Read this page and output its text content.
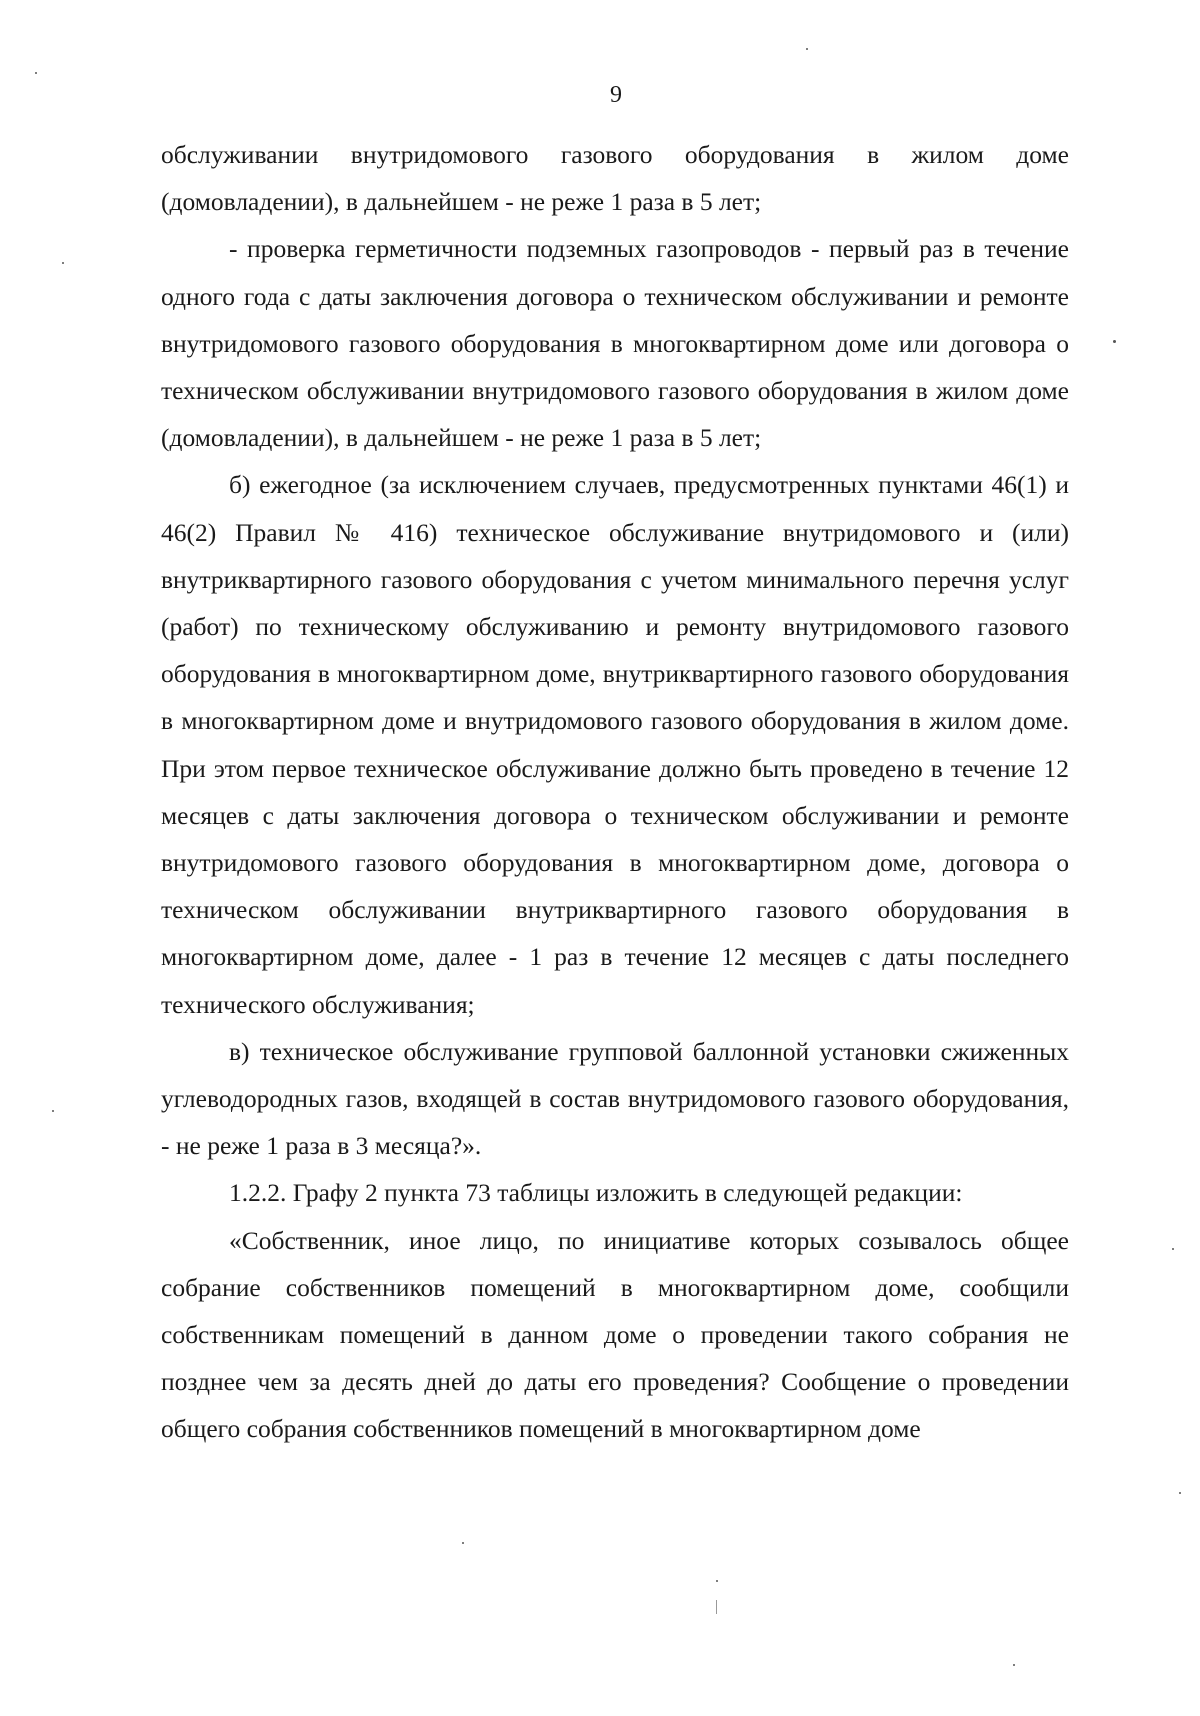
9

обслуживании внутридомового газового оборудования в жилом доме (домовладении), в дальнейшем - не реже 1 раза в 5 лет;

- проверка герметичности подземных газопроводов - первый раз в течение одного года с даты заключения договора о техническом обслуживании и ремонте внутридомового газового оборудования в многоквартирном доме или договора о техническом обслуживании внутридомового газового оборудования в жилом доме (домовладении), в дальнейшем - не реже 1 раза в 5 лет;

б) ежегодное (за исключением случаев, предусмотренных пунктами 46(1) и 46(2) Правил № 416) техническое обслуживание внутридомового и (или) внутриквартирного газового оборудования с учетом минимального перечня услуг (работ) по техническому обслуживанию и ремонту внутридомового газового оборудования в многоквартирном доме, внутриквартирного газового оборудования в многоквартирном доме и внутридомового газового оборудования в жилом доме. При этом первое техническое обслуживание должно быть проведено в течение 12 месяцев с даты заключения договора о техническом обслуживании и ремонте внутридомового газового оборудования в многоквартирном доме, договора о техническом обслуживании внутриквартирного газового оборудования в многоквартирном доме, далее - 1 раз в течение 12 месяцев с даты последнего технического обслуживания;

в) техническое обслуживание групповой баллонной установки сжиженных углеводородных газов, входящей в состав внутридомового газового оборудования, - не реже 1 раза в 3 месяца?».

1.2.2. Графу 2 пункта 73 таблицы изложить в следующей редакции:

«Собственник, иное лицо, по инициативе которых созывалось общее собрание собственников помещений в многоквартирном доме, сообщили собственникам помещений в данном доме о проведении такого собрания не позднее чем за десять дней до даты его проведения? Сообщение о проведении общего собрания собственников помещений в многоквартирном доме
